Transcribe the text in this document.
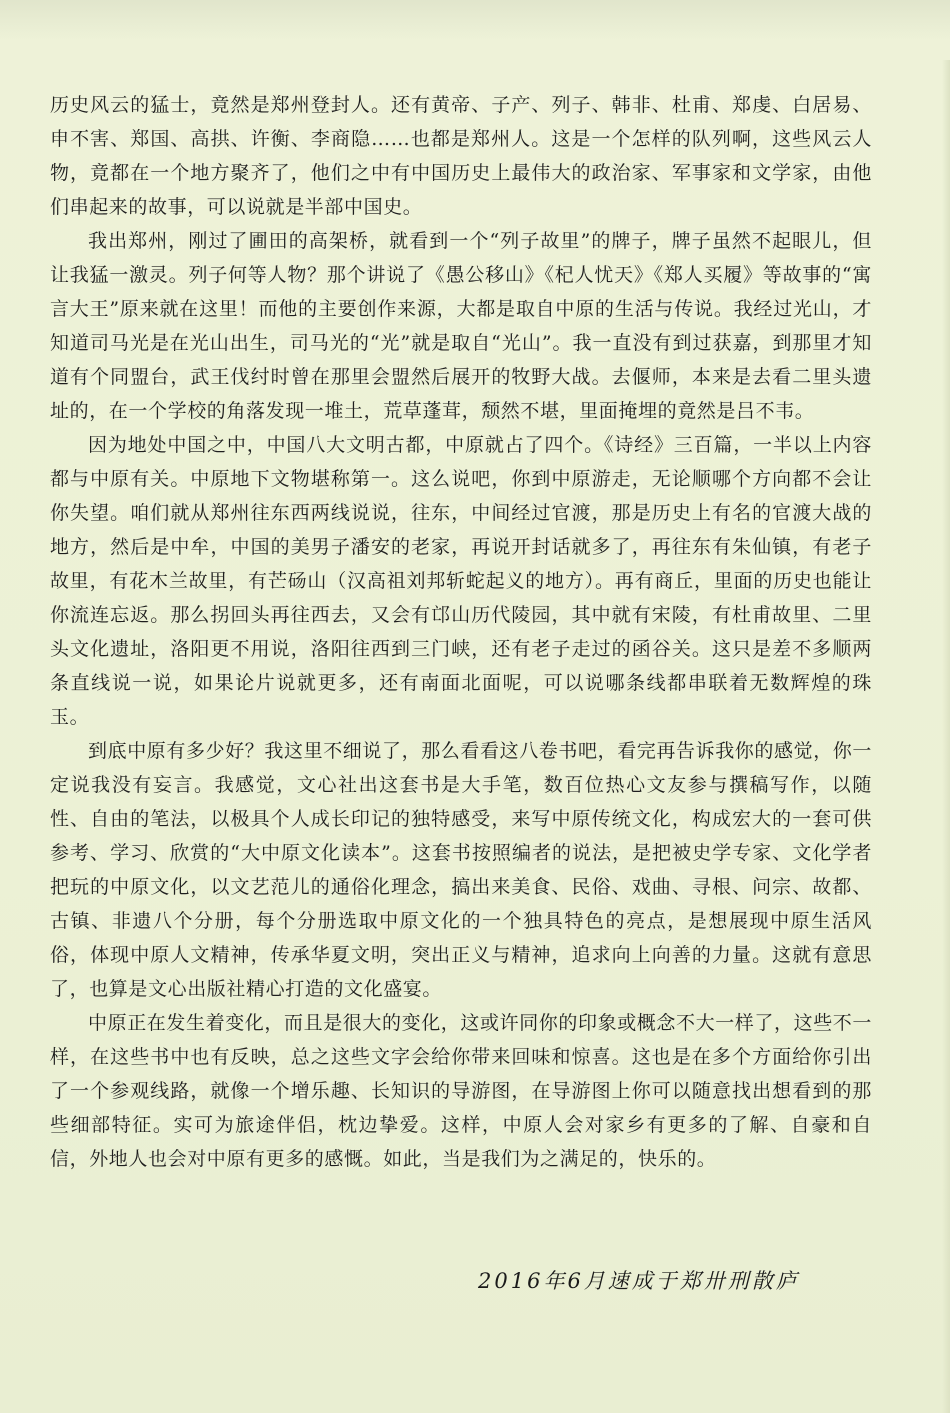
历史风云的猛士，竟然是郑州登封人。还有黄帝、子产、列子、韩非、杜甫、郑虔、白居易、申不害、郑国、高拱、许衡、李商隐……也都是郑州人。这是一个怎样的队列啊，这些风云人物，竟都在一个地方聚齐了，他们之中有中国历史上最伟大的政治家、军事家和文学家，由他们串起来的故事，可以说就是半部中国史。

我出郑州，刚过了圃田的高架桥，就看到一个“列子故里”的牌子，牌子虽然不起眼儿，但让我猛一激灵。列子何等人物？那个讲说了《愚公移山》《杞人忧天》《郑人买履》等故事的“寓言大王”原来就在这里！而他的主要创作来源，大都是取自中原的生活与传说。我经过光山，才知道司马光是在光山出生，司马光的“光”就是取自“光山”。我一直没有到过获嘉，到那里才知道有个同盟台，武王伐纣时曾在那里会盟然后展开的牧野大战。去偃师，本来是去看二里头遗址的，在一个学校的角落发现一堆土，荒草蓬茸，颓然不堪，里面掩埋的竟然是吕不韦。

因为地处中国之中，中国八大文明古都，中原就占了四个。《诗经》三百篇，一半以上内容都与中原有关。中原地下文物堪称第一。这么说吧，你到中原游走，无论顺哪个方向都不会让你失望。咱们就从郑州往东西两线说说，往东，中间经过官渡，那是历史上有名的官渡大战的地方，然后是中牟，中国的美男子潘安的老家，再说开封话就多了，再往东有朱仙镇，有老子故里，有花木兰故里，有芒砀山（汉高祖刘邦斩蛇起义的地方）。再有商丘，里面的历史也能让你流连忘返。那么拐回头再往西去，又会有邙山历代陵园，其中就有宋陵，有杜甫故里、二里头文化遗址，洛阳更不用说，洛阳往西到三门峡，还有老子走过的函谷关。这只是差不多顺两条直线说一说，如果论片说就更多，还有南面北面呢，可以说哪条线都串联着无数辉煌的珠玉。

到底中原有多少好？我这里不细说了，那么看看这八卷书吧，看完再告诉我你的感觉，你一定说我没有妄言。我感觉，文心社出这套书是大手笔，数百位热心文友参与撰稿写作，以随性、自由的笔法，以极具个人成长印记的独特感受，来写中原传统文化，构成宏大的一套可供参考、学习、欣赏的“大中原文化读本”。这套书按照编者的说法，是把被史学专家、文化学者把玩的中原文化，以文艺范儿的通俗化理念，搞出来美食、民俗、戏曲、寻根、问宗、故都、古镇、非遗八个分册，每个分册选取中原文化的一个独具特色的亮点，是想展现中原生活风俗，体现中原人文精神，传承华夏文明，突出正义与精神，追求向上向善的力量。这就有意思了，也算是文心出版社精心打造的文化盛宴。

中原正在发生着变化，而且是很大的变化，这或许同你的印象或概念不大一样了，这些不一样，在这些书中也有反映，总之这些文字会给你带来回味和惊喜。这也是在多个方面给你引出了一个参观线路，就像一个增乐趣、长知识的导游图，在导游图上你可以随意找出想看到的那些细部特征。实可为旅途伴侣，枕边挚爱。这样，中原人会对家乡有更多的了解、自豪和自信，外地人也会对中原有更多的感慨。如此，当是我们为之满足的，快乐的。

2016年6月速成于郑卅刑散庐
